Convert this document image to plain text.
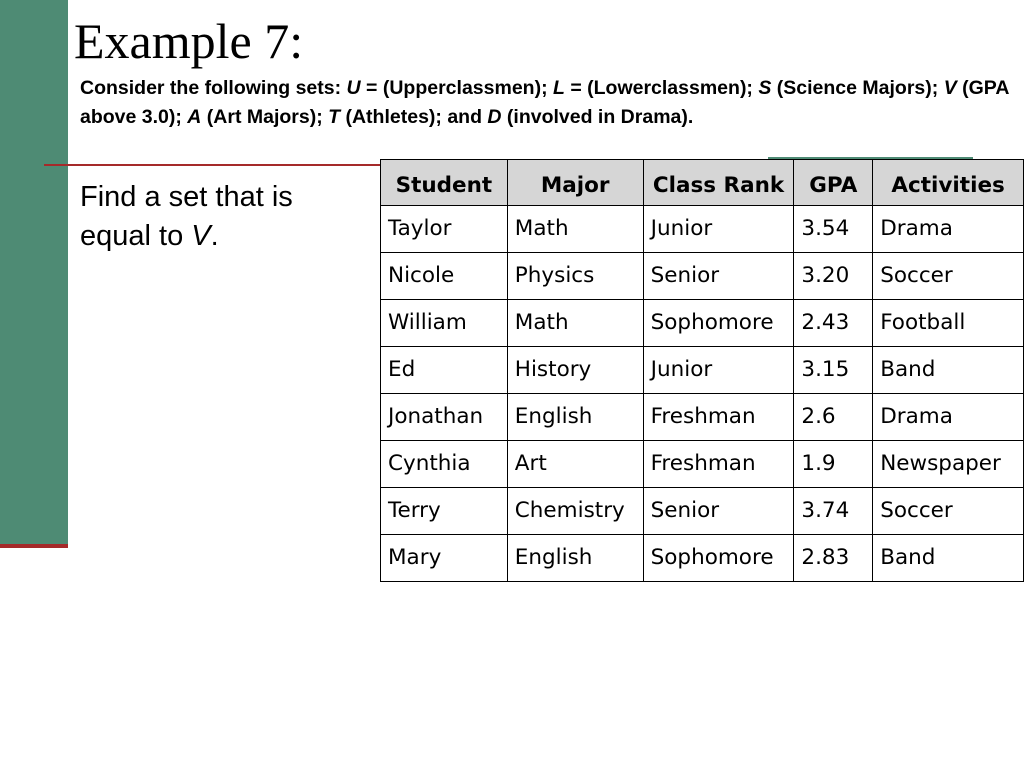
Example 7:

Consider the following sets: U = (Upperclassmen); L = (Lowerclassmen); S (Science Majors); V (GPA above 3.0); A (Art Majors); T (Athletes); and D (involved in Drama).

Find a set that is equal to V.

Student	Major	Class Rank	GPA	Activities
Taylor	Math	Junior	3.54	Drama
Nicole	Physics	Senior	3.20	Soccer
William	Math	Sophomore	2.43	Football
Ed	History	Junior	3.15	Band
Jonathan	English	Freshman	2.6	Drama
Cynthia	Art	Freshman	1.9	Newspaper
Terry	Chemistry	Senior	3.74	Soccer
Mary	English	Sophomore	2.83	Band
